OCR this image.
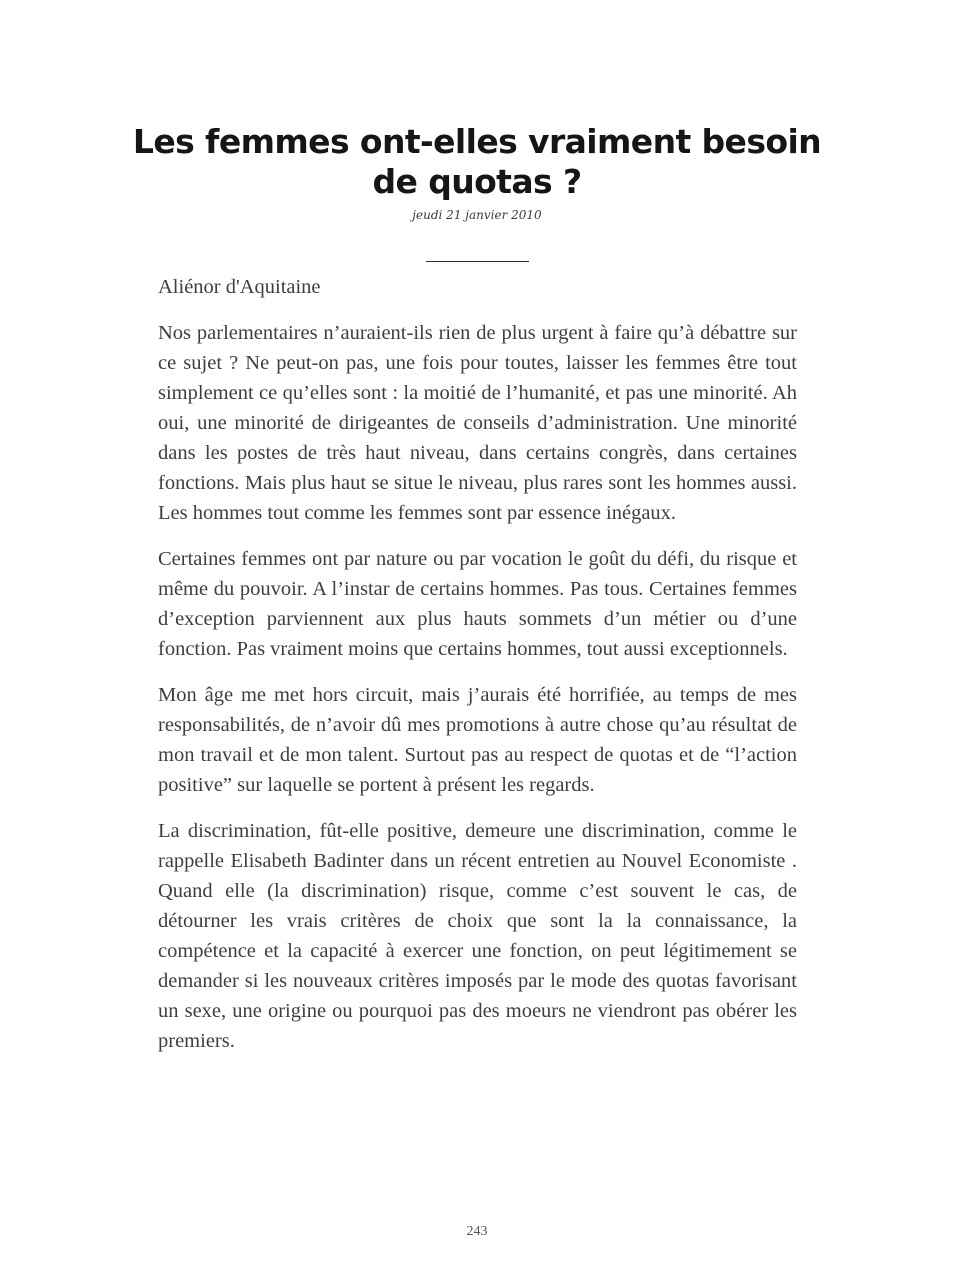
Les femmes ont-elles vraiment besoin de quotas ?
jeudi 21 janvier 2010

Aliénor d'Aquitaine

Nos parlementaires n’auraient-ils rien de plus urgent à faire qu’à débattre sur ce sujet ? Ne peut-on pas, une fois pour toutes, laisser les femmes être tout simplement ce qu’elles sont : la moitié de l’humanité, et pas une minorité. Ah oui, une minorité de dirigeantes de conseils d’administration. Une minorité dans les postes de très haut niveau, dans certains congrès, dans certaines fonctions. Mais plus haut se situe le niveau, plus rares sont les hommes aussi. Les hommes tout comme les femmes sont par essence inégaux.

Certaines femmes ont par nature ou par vocation le goût du défi, du risque et même du pouvoir. A l’instar de certains hommes. Pas tous. Certaines femmes d’exception parviennent aux plus hauts sommets d’un métier ou d’une fonction. Pas vraiment moins que certains hommes, tout aussi exceptionnels.

Mon âge me met hors circuit, mais j’aurais été horrifiée, au temps de mes responsabilités, de n’avoir dû mes promotions à autre chose qu’au résultat de mon travail et de mon talent. Surtout pas au respect de quotas et de “l’action positive” sur laquelle se portent à présent les regards.

La discrimination, fût-elle positive, demeure une discrimination, comme le rappelle Elisabeth Badinter dans un récent entretien au Nouvel Economiste . Quand elle (la discrimination) risque, comme c’est souvent le cas, de détourner les vrais critères de choix que sont la la connaissance, la compétence et la capacité à exercer une fonction, on peut légitimement se demander si les nouveaux critères imposés par le mode des quotas favorisant un sexe, une origine ou pourquoi pas des moeurs ne viendront pas obérer les premiers.

243
